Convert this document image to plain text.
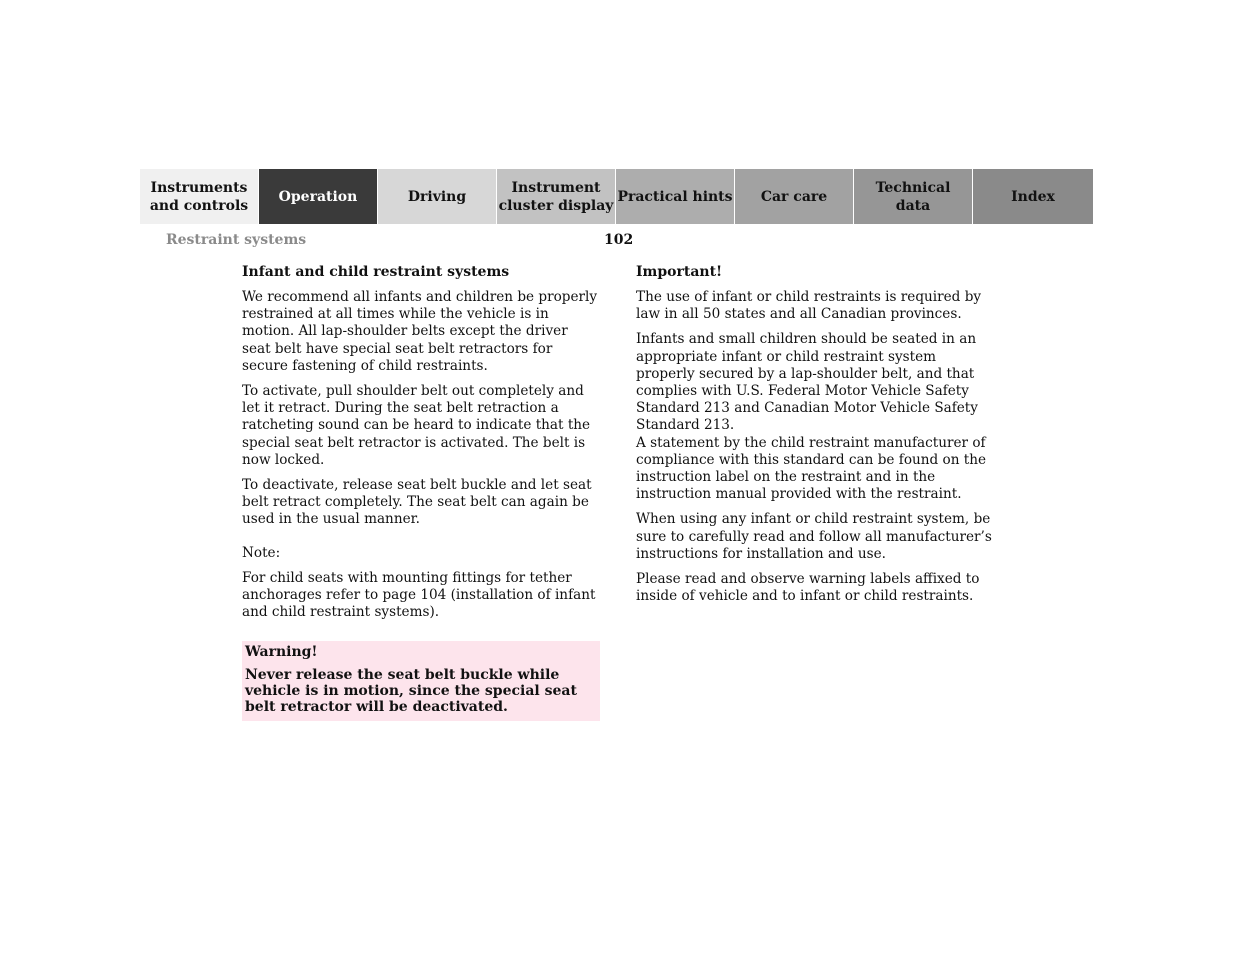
Instruments
and controls
Operation	Driving
Instrument
cluster display
Practical hints	Car care
Technical
data
Index
Restraint systems	102
Infant and child restraint systems

We recommend all infants and children be properly restrained at all times while the vehicle is in motion. All lap-shoulder belts except the driver seat belt have special seat belt retractors for secure fastening of child restraints.

To activate, pull shoulder belt out completely and let it retract. During the seat belt retraction a ratcheting sound can be heard to indicate that the special seat belt retractor is activated. The belt is now locked.

To deactivate, release seat belt buckle and let seat belt retract completely. The seat belt can again be used in the usual manner.

Note:

For child seats with mounting fittings for tether anchorages refer to page 104 (installation of infant and child restraint systems).

Warning!

Never release the seat belt buckle while vehicle is in motion, since the special seat belt retractor will be deactivated.

Important!

The use of infant or child restraints is required by law in all 50 states and all Canadian provinces.

Infants and small children should be seated in an appropriate infant or child restraint system properly secured by a lap-shoulder belt, and that complies with U.S. Federal Motor Vehicle Safety Standard 213 and Canadian Motor Vehicle Safety Standard 213.

A statement by the child restraint manufacturer of compliance with this standard can be found on the instruction label on the restraint and in the instruction manual provided with the restraint.

When using any infant or child restraint system, be sure to carefully read and follow all manufacturer’s instructions for installation and use.

Please read and observe warning labels affixed to inside of vehicle and to infant or child restraints.
